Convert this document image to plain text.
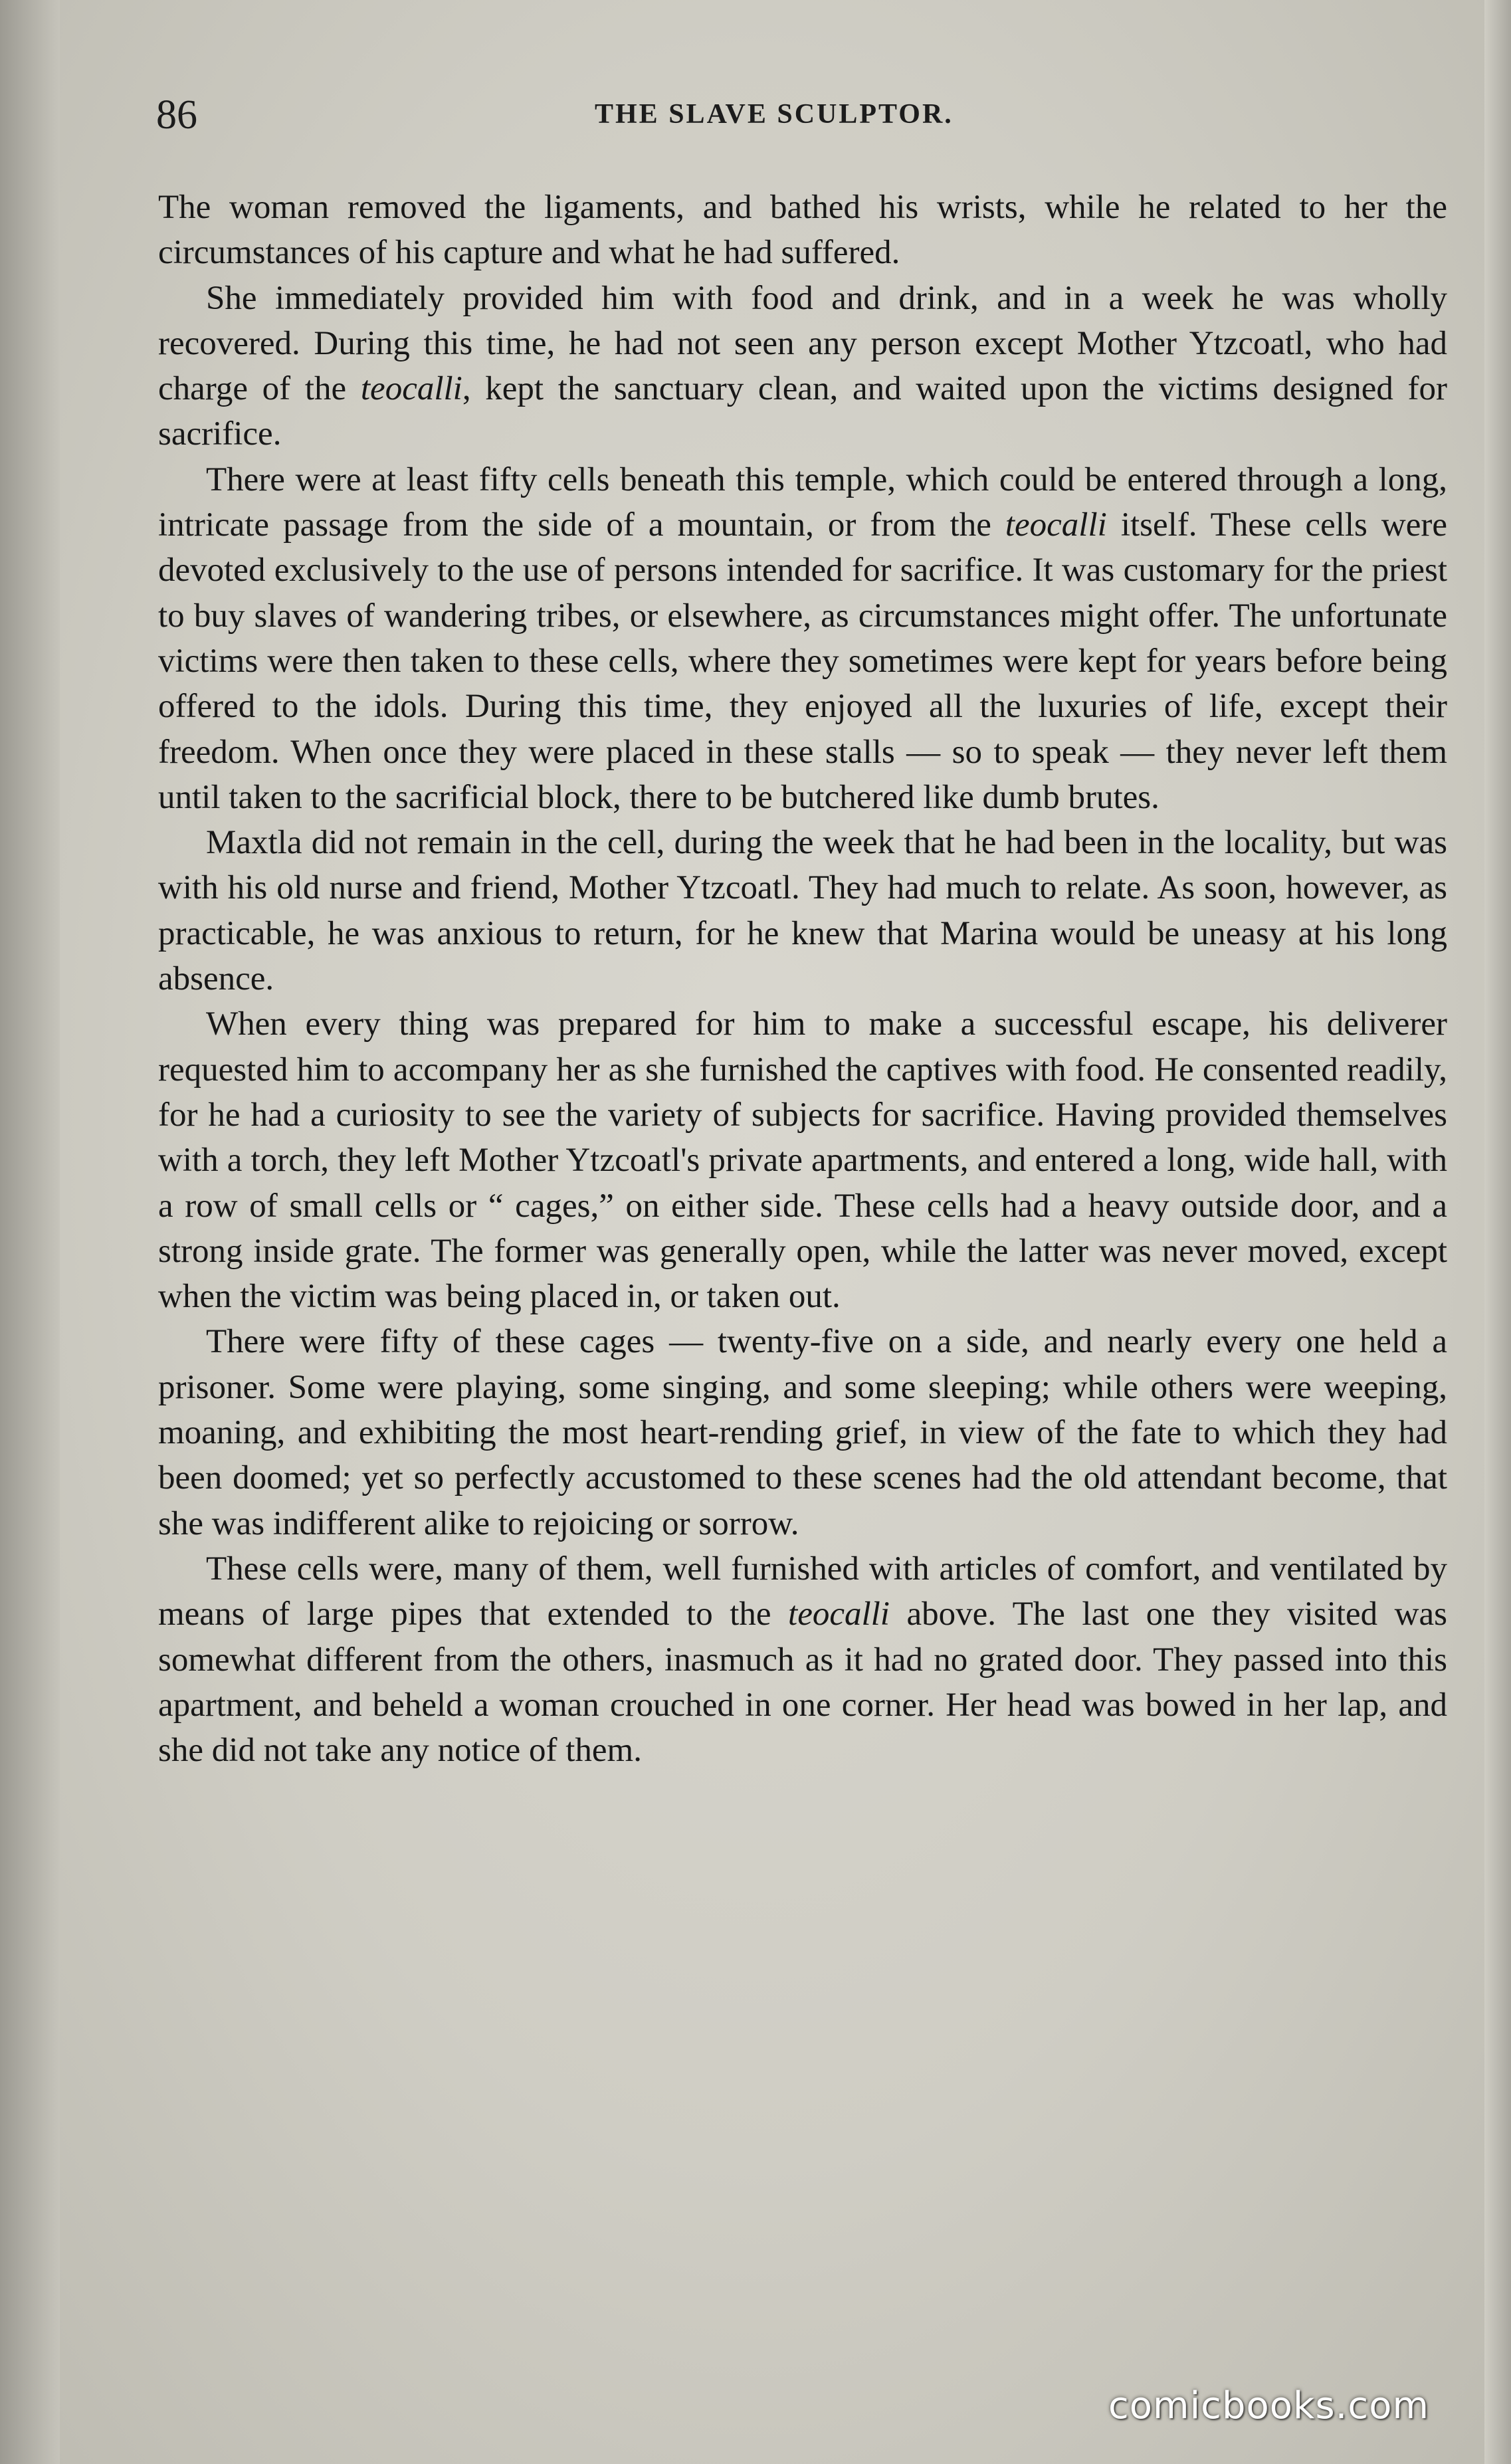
86	THE SLAVE SCULPTOR.

The woman removed the ligaments, and bathed his wrists, while he related to her the circumstances of his capture and what he had suffered.

She immediately provided him with food and drink, and in a week he was wholly recovered. During this time, he had not seen any person except Mother Ytzcoatl, who had charge of the teocalli, kept the sanctuary clean, and waited upon the victims designed for sacrifice.

There were at least fifty cells beneath this temple, which could be entered through a long, intricate passage from the side of a mountain, or from the teocalli itself. These cells were devoted exclusively to the use of persons intended for sacrifice. It was customary for the priest to buy slaves of wandering tribes, or elsewhere, as circumstances might offer. The unfortunate victims were then taken to these cells, where they sometimes were kept for years before being offered to the idols. During this time, they enjoyed all the luxuries of life, except their freedom. When once they were placed in these stalls — so to speak — they never left them until taken to the sacrificial block, there to be butchered like dumb brutes.

Maxtla did not remain in the cell, during the week that he had been in the locality, but was with his old nurse and friend, Mother Ytzcoatl. They had much to relate. As soon, however, as practicable, he was anxious to return, for he knew that Marina would be uneasy at his long absence.

When every thing was prepared for him to make a successful escape, his deliverer requested him to accompany her as she furnished the captives with food. He consented readily, for he had a curiosity to see the variety of subjects for sacrifice. Having provided themselves with a torch, they left Mother Ytzcoatl's private apartments, and entered a long, wide hall, with a row of small cells or “ cages,” on either side. These cells had a heavy outside door, and a strong inside grate. The former was generally open, while the latter was never moved, except when the victim was being placed in, or taken out.

There were fifty of these cages — twenty-five on a side, and nearly every one held a prisoner. Some were playing, some singing, and some sleeping; while others were weeping, moaning, and exhibiting the most heart-rending grief, in view of the fate to which they had been doomed; yet so perfectly accustomed to these scenes had the old attendant become, that she was indifferent alike to rejoicing or sorrow.

These cells were, many of them, well furnished with articles of comfort, and ventilated by means of large pipes that extended to the teocalli above. The last one they visited was somewhat different from the others, inasmuch as it had no grated door. They passed into this apartment, and beheld a woman crouched in one corner. Her head was bowed in her lap, and she did not take any notice of them.

comicbooks.com
